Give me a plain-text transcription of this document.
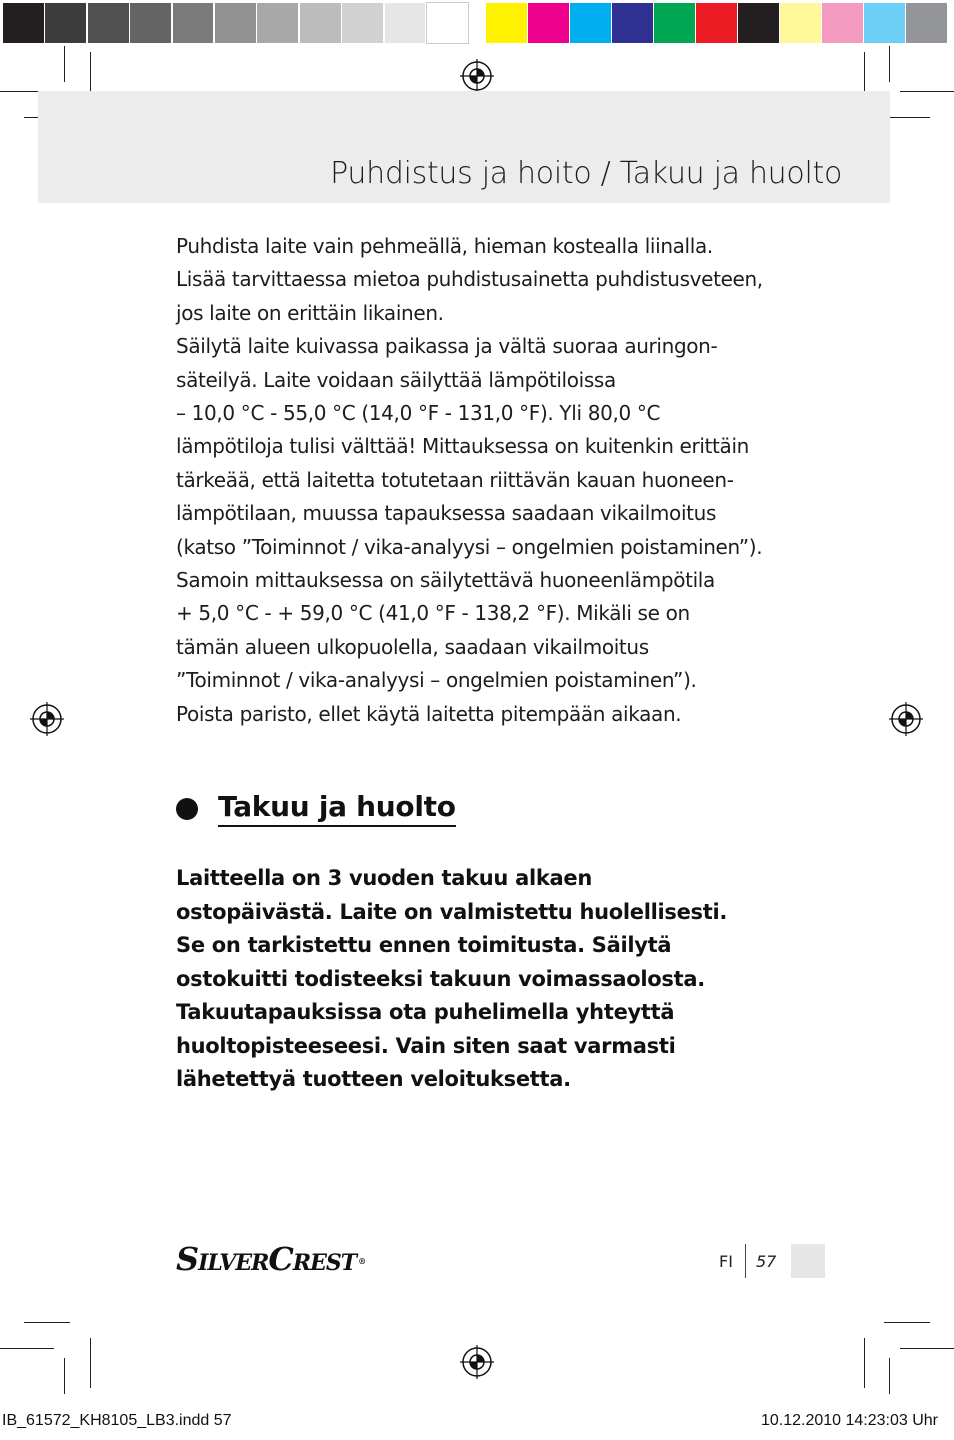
Puhdistus ja hoito / Takuu ja huolto
Puhdista laite vain pehmeällä, hieman kostealla liinalla.
Lisää tarvittaessa mietoa puhdistusainetta puhdistusveteen,
jos laite on erittäin likainen.
Säilytä laite kuivassa paikassa ja vältä suoraa auringon-
säteilyä. Laite voidaan säilyttää lämpötiloissa
– 10,0 °C - 55,0 °C (14,0 °F - 131,0 °F). Yli 80,0 °C
lämpötiloja tulisi välttää! Mittauksessa on kuitenkin erittäin
tärkeää, että laitetta totutetaan riittävän kauan huoneen-
lämpötilaan, muussa tapauksessa saadaan vikailmoitus
(katso ”Toiminnot / vika-analyysi – ongelmien poistaminen”).
Samoin mittauksessa on säilytettävä huoneenlämpötila
+ 5,0 °C - + 59,0 °C (41,0 °F - 138,2 °F). Mikäli se on
tämän alueen ulkopuolella, saadaan vikailmoitus
”Toiminnot / vika-analyysi – ongelmien poistaminen”).
Poista paristo, ellet käytä laitetta pitempään aikaan.
Takuu ja huolto
Laitteella on 3 vuoden takuu alkaen
ostopäivästä. Laite on valmistettu huolellisesti.
Se on tarkistettu ennen toimitusta. Säilytä
ostokuitti todisteeksi takuun voimassaolosta.
Takuutapauksissa ota puhelimella yhteyttä
huoltopisteeseesi. Vain siten saat varmasti
lähetettyä tuotteen veloituksetta.
SILVERCREST ®	FI 57
IB_61572_KH8105_LB3.indd 57	10.12.2010 14:23:03 Uhr
